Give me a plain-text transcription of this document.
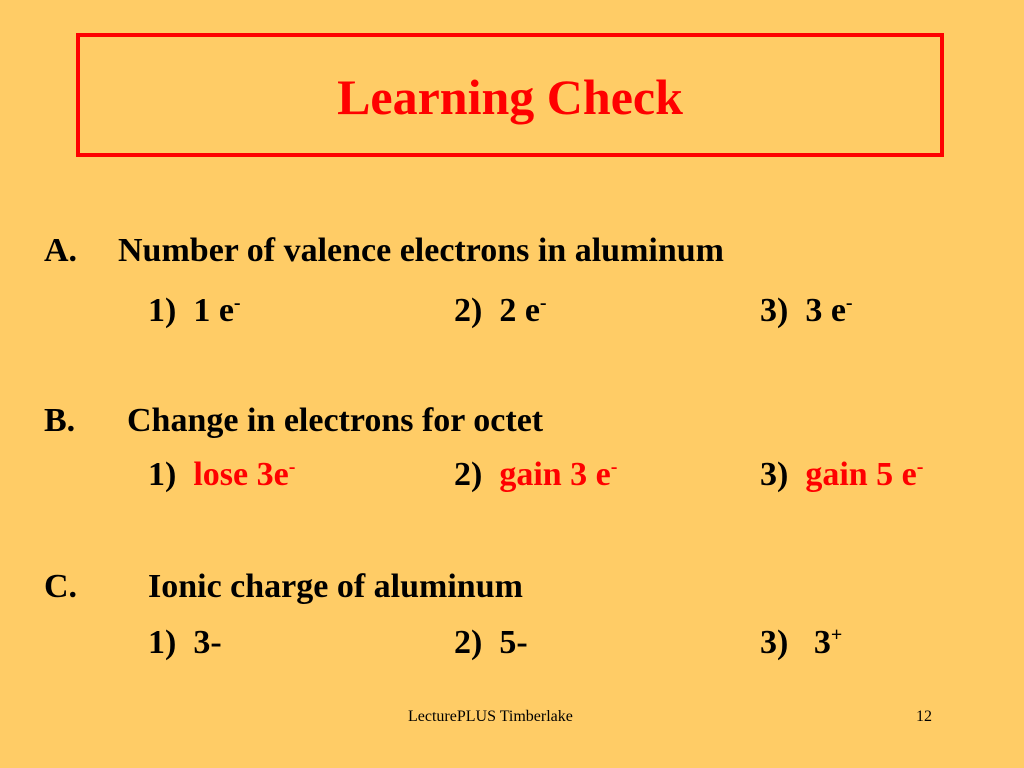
Learning Check
A. Number of valence electrons in aluminum
1) 1 e-	2) 2 e-	3) 3 e-
B. Change in electrons for octet
1) lose 3e-	2) gain 3 e-	3) gain 5 e-
C. Ionic charge of aluminum
1) 3-	2) 5-	3)   3+
LecturePLUS Timberlake	12
